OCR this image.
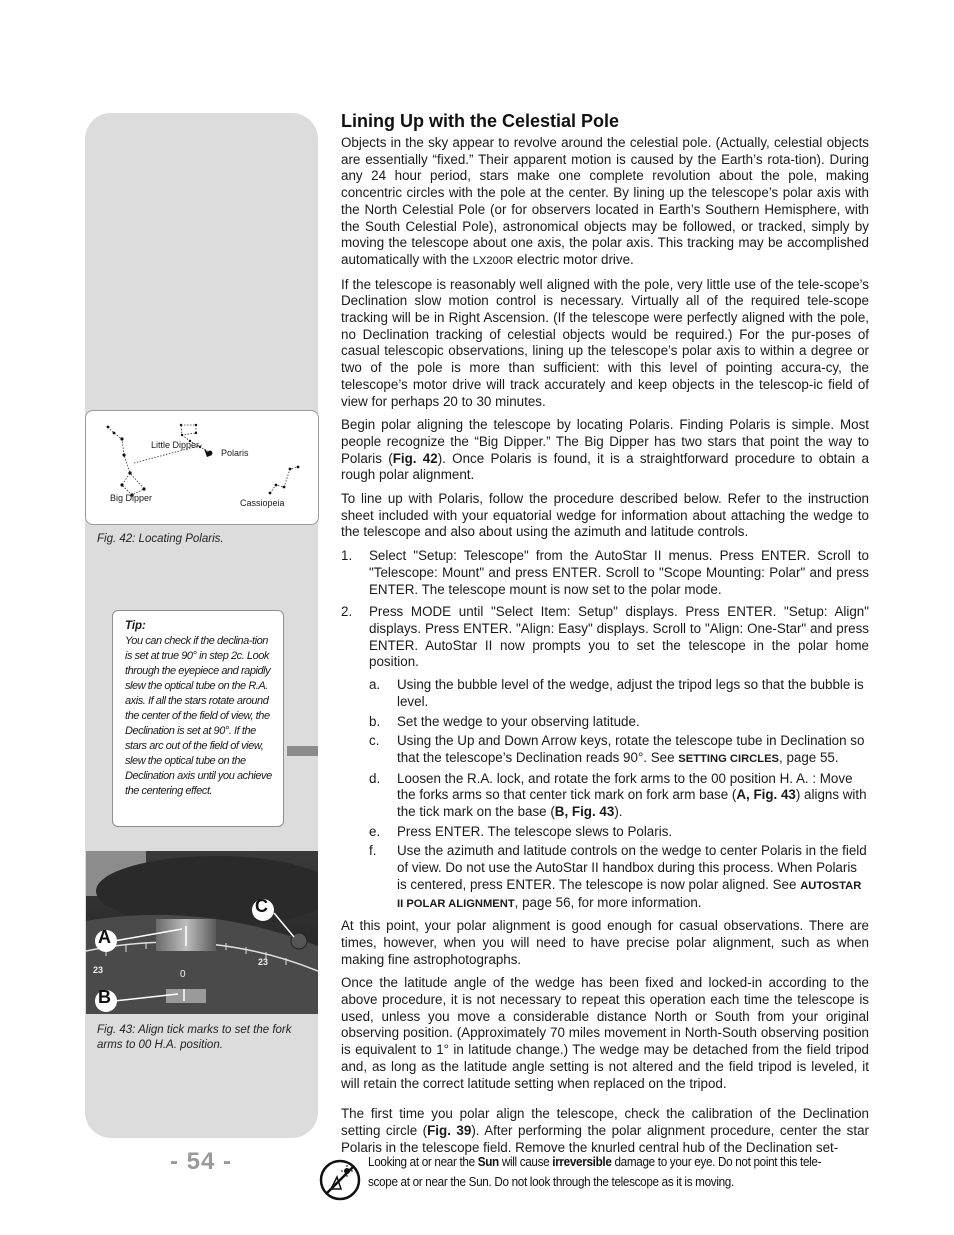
Little Dipper
Polaris
Big Dipper	Cassiopeia
Fig. 42: Locating Polaris.
Tip:
You can check if the declina-tion is set at true 90° in step 2c. Look through the eyepiece and rapidly slew the optical tube on the R.A. axis. If all the stars rotate around the center of the field of view, the Declination is set at 90°. If the stars arc out of the field of view, slew the optical tube on the Declination axis until you achieve the centering effect.
A
B
C
23	0
23
Fig. 43: Align tick marks to set the fork arms to 00 H.A. position.
- 54 -
Lining Up with the Celestial Pole

Objects in the sky appear to revolve around the celestial pole. (Actually, celestial objects are essentially “fixed.” Their apparent motion is caused by the Earth’s rota-tion). During any 24 hour period, stars make one complete revolution about the pole, making concentric circles with the pole at the center. By lining up the telescope’s polar axis with the North Celestial Pole (or for observers located in Earth’s Southern Hemisphere, with the South Celestial Pole), astronomical objects may be followed, or tracked, simply by moving the telescope about one axis, the polar axis. This tracking may be accomplished automatically with the LX200R electric motor drive.

If the telescope is reasonably well aligned with the pole, very little use of the tele-scope’s Declination slow motion control is necessary. Virtually all of the required tele-scope tracking will be in Right Ascension. (If the telescope were perfectly aligned with the pole, no Declination tracking of celestial objects would be required.) For the pur-poses of casual telescopic observations, lining up the telescope’s polar axis to within a degree or two of the pole is more than sufficient: with this level of pointing accura-cy, the telescope’s motor drive will track accurately and keep objects in the telescop-ic field of view for perhaps 20 to 30 minutes.

Begin polar aligning the telescope by locating Polaris. Finding Polaris is simple. Most people recognize the “Big Dipper.” The Big Dipper has two stars that point the way to Polaris (Fig. 42). Once Polaris is found, it is a straightforward procedure to obtain a rough polar alignment.

To line up with Polaris, follow the procedure described below. Refer to the instruction sheet included with your equatorial wedge for information about attaching the wedge to the telescope and also about using the azimuth and latitude controls.

1. Select "Setup: Telescope" from the AutoStar II menus. Press ENTER. Scroll to "Telescope: Mount" and press ENTER. Scroll to "Scope Mounting: Polar" and press ENTER. The telescope mount is now set to the polar mode.
2. Press MODE until "Select Item: Setup" displays. Press ENTER. "Setup: Align" displays. Press ENTER. "Align: Easy" displays. Scroll to "Align: One-Star" and press ENTER. AutoStar II now prompts you to set the telescope in the polar home position.
a. Using the bubble level of the wedge, adjust the tripod legs so that the bubble is level.
b. Set the wedge to your observing latitude.
c. Using the Up and Down Arrow keys, rotate the telescope tube in Declination so that the telescope’s Declination reads 90°. See SETTING CIRCLES, page 55.
d. Loosen the R.A. lock, and rotate the fork arms to the 00 position H. A. : Move the forks arms so that center tick mark on fork arm base (A, Fig. 43) aligns with the tick mark on the base (B, Fig. 43).
e. Press ENTER. The telescope slews to Polaris.
f. Use the azimuth and latitude controls on the wedge to center Polaris in the field of view. Do not use the AutoStar II handbox during this process. When Polaris is centered, press ENTER. The telescope is now polar aligned. See AUTOSTAR II POLAR ALIGNMENT, page 56, for more information.

At this point, your polar alignment is good enough for casual observations. There are times, however, when you will need to have precise polar alignment, such as when making fine astrophotographs.

Once the latitude angle of the wedge has been fixed and locked-in according to the above procedure, it is not necessary to repeat this operation each time the telescope is used, unless you move a considerable distance North or South from your original observing position. (Approximately 70 miles movement in North-South observing position is equivalent to 1° in latitude change.) The wedge may be detached from the field tripod and, as long as the latitude angle setting is not altered and the field tripod is leveled, it will retain the correct latitude setting when replaced on the tripod.

The first time you polar align the telescope, check the calibration of the Declination setting circle (Fig. 39). After performing the polar alignment procedure, center the star Polaris in the telescope field. Remove the knurled central hub of the Declination set-

Looking at or near the Sun will cause irreversible damage to your eye. Do not point this tele-scope at or near the Sun. Do not look through the telescope as it is moving.
